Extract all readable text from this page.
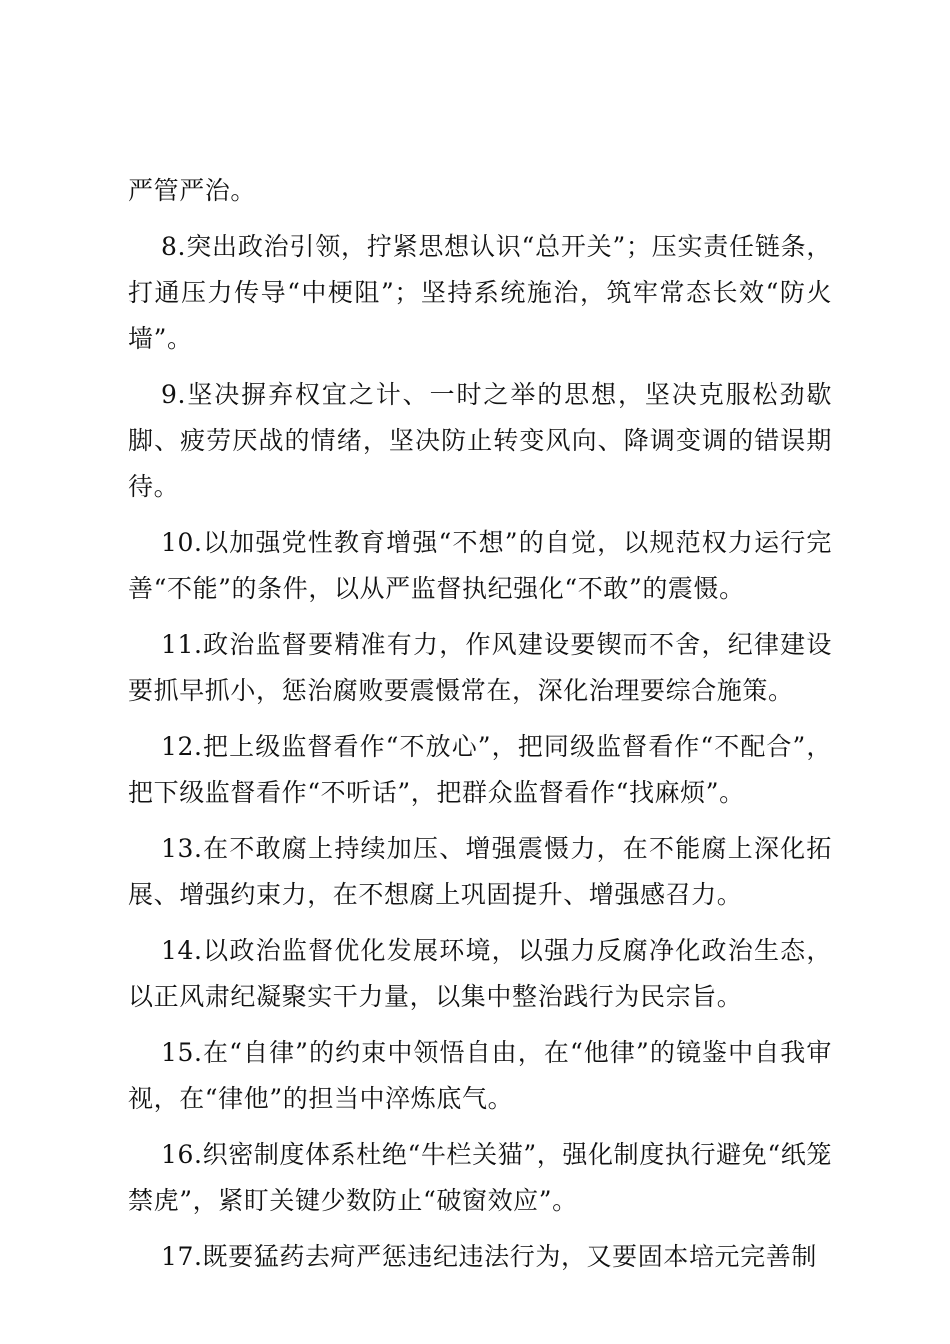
严管严治。

8.突出政治引领，拧紧思想认识“总开关”；压实责任链条，打通压力传导“中梗阻”；坚持系统施治，筑牢常态长效“防火墙”。

9.坚决摒弃权宜之计、一时之举的思想，坚决克服松劲歇脚、疲劳厌战的情绪，坚决防止转变风向、降调变调的错误期待。

10.以加强党性教育增强“不想”的自觉，以规范权力运行完善“不能”的条件，以从严监督执纪强化“不敢”的震慑。

11.政治监督要精准有力，作风建设要锲而不舍，纪律建设要抓早抓小，惩治腐败要震慑常在，深化治理要综合施策。

12.把上级监督看作“不放心”，把同级监督看作“不配合”，把下级监督看作“不听话”，把群众监督看作“找麻烦”。

13.在不敢腐上持续加压、增强震慑力，在不能腐上深化拓展、增强约束力，在不想腐上巩固提升、增强感召力。

14.以政治监督优化发展环境，以强力反腐净化政治生态，以正风肃纪凝聚实干力量，以集中整治践行为民宗旨。

15.在“自律”的约束中领悟自由，在“他律”的镜鉴中自我审视，在“律他”的担当中淬炼底气。

16.织密制度体系杜绝“牛栏关猫”，强化制度执行避免“纸笼禁虎”，紧盯关键少数防止“破窗效应”。

17.既要猛药去疴严惩违纪违法行为，又要固本培元完善制
